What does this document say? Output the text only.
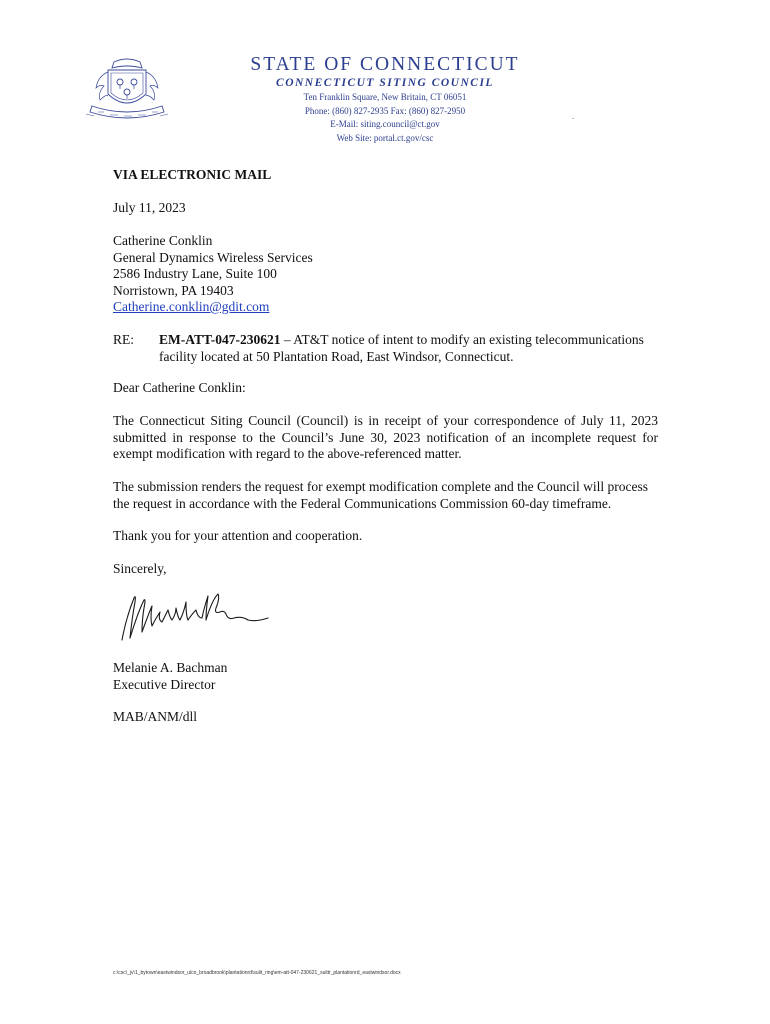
STATE OF CONNECTICUT
CONNECTICUT SITING COUNCIL
Ten Franklin Square, New Britain, CT 06051
Phone: (860) 827-2935 Fax: (860) 827-2950
E-Mail: siting.council@ct.gov
Web Site: portal.ct.gov/csc
VIA ELECTRONIC MAIL
July 11, 2023
Catherine Conklin
General Dynamics Wireless Services
2586 Industry Lane, Suite 100
Norristown, PA 19403
Catherine.conklin@gdit.com
RE: EM-ATT-047-230621 – AT&T notice of intent to modify an existing telecommunications facility located at 50 Plantation Road, East Windsor, Connecticut.
Dear Catherine Conklin:
The Connecticut Siting Council (Council) is in receipt of your correspondence of July 11, 2023 submitted in response to the Council’s June 30, 2023 notification of an incomplete request for exempt modification with regard to the above-referenced matter.
The submission renders the request for exempt modification complete and the Council will process the request in accordance with the Federal Communications Commission 60-day timeframe.
Thank you for your attention and cooperation.
Sincerely,
Melanie A. Bachman
Executive Director
MAB/ANM/dll
c:\csc\_jv\1_bytown\eastwindsor_ulco_broadbrook\plantationrd\sulit_ring\em-att-047-230621_sulitr_plantationrd_eastwindsor.docx
